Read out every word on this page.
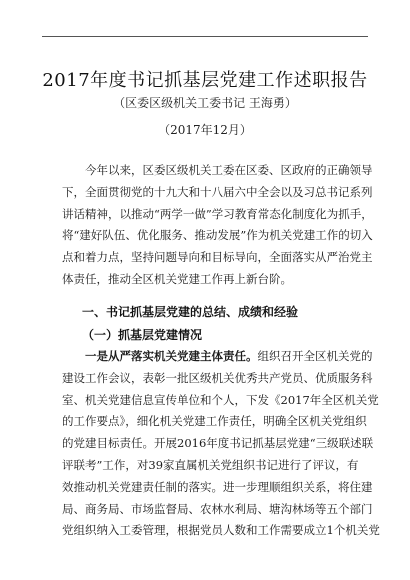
2017年度书记抓基层党建工作述职报告
（区委区级机关工委书记 王海勇）
（2017年12月）
　　今年以来，区委区级机关工委在区委、区政府的正确领导
下，全面贯彻党的十九大和十八届六中全会以及习总书记系列
讲话精神，以推动“两学一做”学习教育常态化制度化为抓手，
将“建好队伍、优化服务、推动发展”作为机关党建工作的切入
点和着力点，坚持问题导向和目标导向，全面落实从严治党主
体责任，推动全区机关党建工作再上新台阶。
一、书记抓基层党建的总结、成绩和经验
（一）抓基层党建情况
　　一是从严落实机关党建主体责任。组织召开全区机关党的
建设工作会议，表彰一批区级机关优秀共产党员、优质服务科
室、机关党建信息宣传单位和个人，下发《2017年全区机关党
的工作要点》，细化机关党建工作责任，明确全区机关党组织
的党建目标责任。开展2016年度书记抓基层党建“三级联述联
评联考”工作，对39家直属机关党组织书记进行了评议，有
效推动机关党建责任制的落实。进一步理顺组织关系，将住建
局、商务局、市场监督局、农林水利局、塘沟林场等五个部门
党组织纳入工委管理，根据党员人数和工作需要成立1个机关党
